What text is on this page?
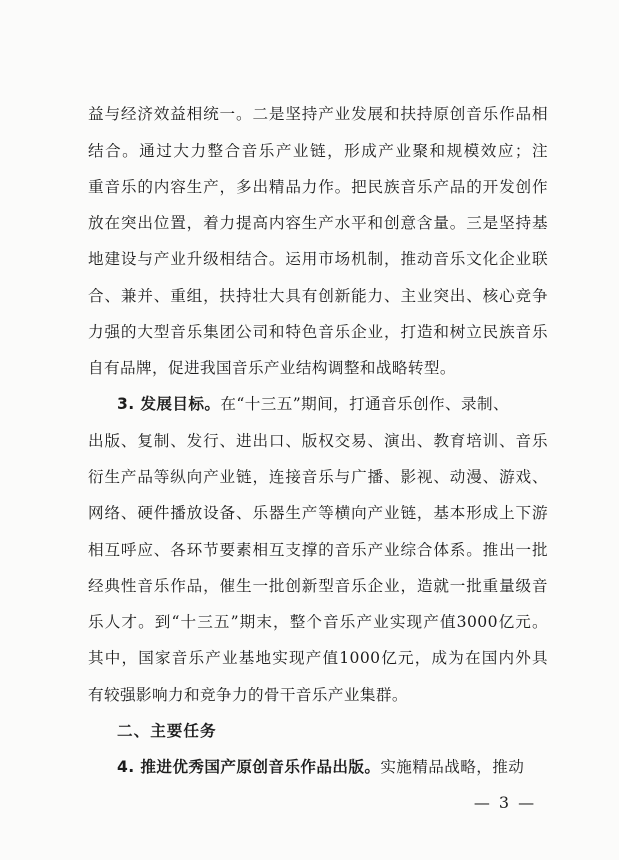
益与经济效益相统一。二是坚持产业发展和扶持原创音乐作品相
结合。通过大力整合音乐产业链，形成产业聚和规模效应；注
重音乐的内容生产，多出精品力作。把民族音乐产品的开发创作
放在突出位置，着力提高内容生产水平和创意含量。三是坚持基
地建设与产业升级相结合。运用市场机制，推动音乐文化企业联
合、兼并、重组，扶持壮大具有创新能力、主业突出、核心竞争
力强的大型音乐集团公司和特色音乐企业，打造和树立民族音乐
自有品牌，促进我国音乐产业结构调整和战略转型。
3. 发展目标。在“十三五”期间，打通音乐创作、录制、
出版、复制、发行、进出口、版权交易、演出、教育培训、音乐
衍生产品等纵向产业链，连接音乐与广播、影视、动漫、游戏、
网络、硬件播放设备、乐器生产等横向产业链，基本形成上下游
相互呼应、各环节要素相互支撑的音乐产业综合体系。推出一批
经典性音乐作品，催生一批创新型音乐企业，造就一批重量级音
乐人才。到“十三五”期末，整个音乐产业实现产值3000亿元。
其中，国家音乐产业基地实现产值1000亿元，成为在国内外具
有较强影响力和竞争力的骨干音乐产业集群。
二、主要任务
4. 推进优秀国产原创音乐作品出版。实施精品战略，推动
— 3 —
